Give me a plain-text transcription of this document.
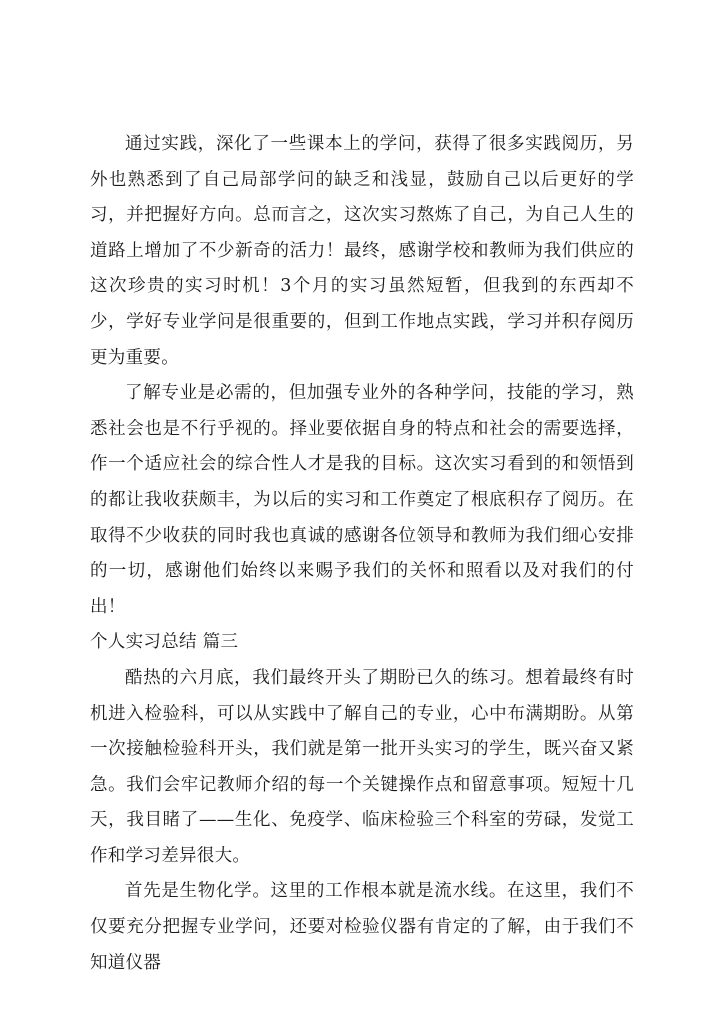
通过实践，深化了一些课本上的学问，获得了很多实践阅历，另外也熟悉到了自己局部学问的缺乏和浅显，鼓励自己以后更好的学习，并把握好方向。总而言之，这次实习熬炼了自己，为自己人生的道路上增加了不少新奇的活力！最终，感谢学校和教师为我们供应的这次珍贵的实习时机！3个月的实习虽然短暂，但我到的东西却不少，学好专业学问是很重要的，但到工作地点实践，学习并积存阅历更为重要。

了解专业是必需的，但加强专业外的各种学问，技能的学习，熟悉社会也是不行乎视的。择业要依据自身的特点和社会的需要选择，作一个适应社会的综合性人才是我的目标。这次实习看到的和领悟到的都让我收获颇丰，为以后的实习和工作奠定了根底积存了阅历。在取得不少收获的同时我也真诚的感谢各位领导和教师为我们细心安排的一切，感谢他们始终以来赐予我们的关怀和照看以及对我们的付出！

个人实习总结 篇三

酷热的六月底，我们最终开头了期盼已久的练习。想着最终有时机进入检验科，可以从实践中了解自己的专业，心中布满期盼。从第一次接触检验科开头，我们就是第一批开头实习的学生，既兴奋又紧急。我们会牢记教师介绍的每一个关键操作点和留意事项。短短十几天，我目睹了——生化、免疫学、临床检验三个科室的劳碌，发觉工作和学习差异很大。

首先是生物化学。这里的工作根本就是流水线。在这里，我们不仅要充分把握专业学问，还要对检验仪器有肯定的了解，由于我们不知道仪器
